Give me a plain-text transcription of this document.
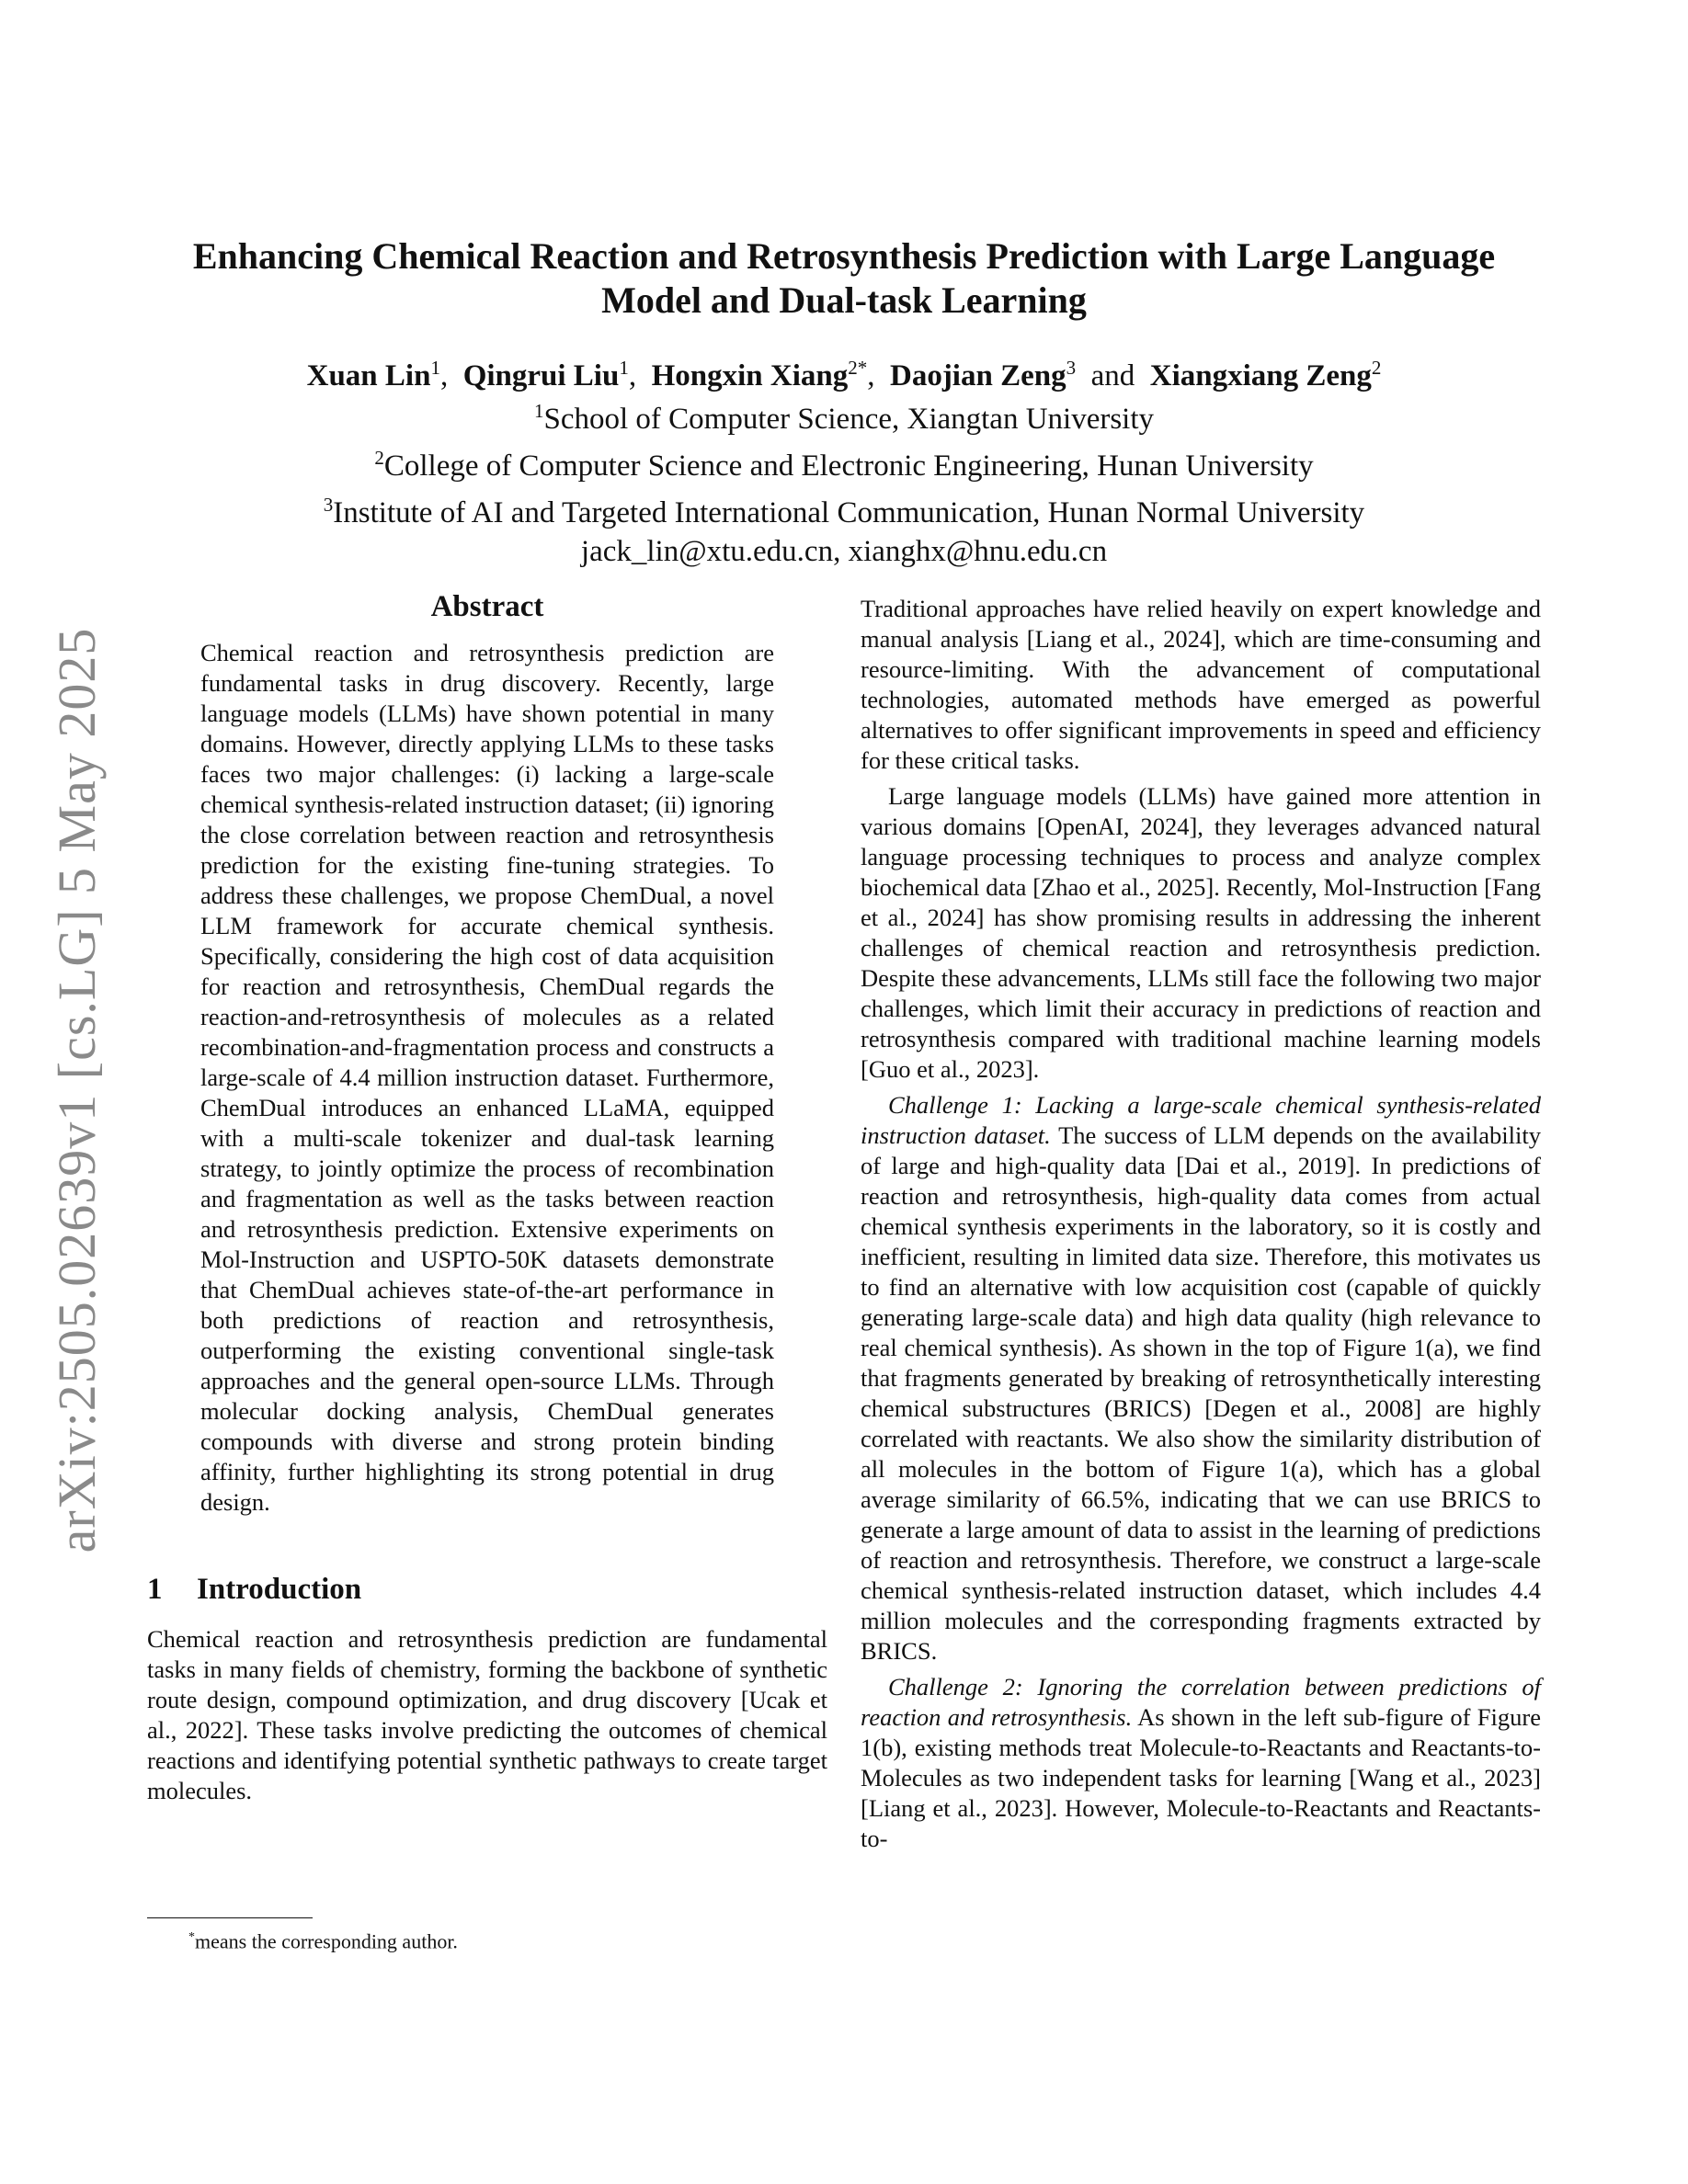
arXiv:2505.02639v1 [cs.LG] 5 May 2025
Enhancing Chemical Reaction and Retrosynthesis Prediction with Large Language Model and Dual-task Learning
Xuan Lin$^1$, Qingrui Liu$^1$, Hongxin Xiang$^{2*}$, Daojian Zeng$^3$ and Xiangxiang Zeng$^2$
$^1$School of Computer Science, Xiangtan University
$^2$College of Computer Science and Electronic Engineering, Hunan University
$^3$Institute of AI and Targeted International Communication, Hunan Normal University
jack_lin@xtu.edu.cn, xianghx@hnu.edu.cn
Abstract
Chemical reaction and retrosynthesis prediction are fundamental tasks in drug discovery. Recently, large language models (LLMs) have shown potential in many domains. However, directly applying LLMs to these tasks faces two major challenges: (i) lacking a large-scale chemical synthesis-related instruction dataset; (ii) ignoring the close correlation between reaction and retrosynthesis prediction for the existing fine-tuning strategies. To address these challenges, we propose ChemDual, a novel LLM framework for accurate chemical synthesis. Specifically, considering the high cost of data acquisition for reaction and retrosynthesis, ChemDual regards the reaction-and-retrosynthesis of molecules as a related recombination-and-fragmentation process and constructs a large-scale of 4.4 million instruction dataset. Furthermore, ChemDual introduces an enhanced LLaMA, equipped with a multi-scale tokenizer and dual-task learning strategy, to jointly optimize the process of recombination and fragmentation as well as the tasks between reaction and retrosynthesis prediction. Extensive experiments on Mol-Instruction and USPTO-50K datasets demonstrate that ChemDual achieves state-of-the-art performance in both predictions of reaction and retrosynthesis, outperforming the existing conventional single-task approaches and the general open-source LLMs. Through molecular docking analysis, ChemDual generates compounds with diverse and strong protein binding affinity, further highlighting its strong potential in drug design.
1 Introduction
Chemical reaction and retrosynthesis prediction are fundamental tasks in many fields of chemistry, forming the backbone of synthetic route design, compound optimization, and drug discovery [Ucak et al., 2022]. These tasks involve predicting the outcomes of chemical reactions and identifying potential synthetic pathways to create target molecules.
*means the corresponding author.

Traditional approaches have relied heavily on expert knowledge and manual analysis [Liang et al., 2024], which are time-consuming and resource-limiting. With the advancement of computational technologies, automated methods have emerged as powerful alternatives to offer significant improvements in speed and efficiency for these critical tasks.

Large language models (LLMs) have gained more attention in various domains [OpenAI, 2024], they leverages advanced natural language processing techniques to process and analyze complex biochemical data [Zhao et al., 2025]. Recently, Mol-Instruction [Fang et al., 2024] has show promising results in addressing the inherent challenges of chemical reaction and retrosynthesis prediction. Despite these advancements, LLMs still face the following two major challenges, which limit their accuracy in predictions of reaction and retrosynthesis compared with traditional machine learning models [Guo et al., 2023].

Challenge 1: Lacking a large-scale chemical synthesis-related instruction dataset. The success of LLM depends on the availability of large and high-quality data [Dai et al., 2019]. In predictions of reaction and retrosynthesis, high-quality data comes from actual chemical synthesis experiments in the laboratory, so it is costly and inefficient, resulting in limited data size. Therefore, this motivates us to find an alternative with low acquisition cost (capable of quickly generating large-scale data) and high data quality (high relevance to real chemical synthesis). As shown in the top of Figure 1(a), we find that fragments generated by breaking of retrosynthetically interesting chemical substructures (BRICS) [Degen et al., 2008] are highly correlated with reactants. We also show the similarity distribution of all molecules in the bottom of Figure 1(a), which has a global average similarity of 66.5%, indicating that we can use BRICS to generate a large amount of data to assist in the learning of predictions of reaction and retrosynthesis. Therefore, we construct a large-scale chemical synthesis-related instruction dataset, which includes 4.4 million molecules and the corresponding fragments extracted by BRICS.

Challenge 2: Ignoring the correlation between predictions of reaction and retrosynthesis. As shown in the left sub-figure of Figure 1(b), existing methods treat Molecule-to-Reactants and Reactants-to-Molecules as two independent tasks for learning [Wang et al., 2023] [Liang et al., 2023]. However, Molecule-to-Reactants and Reactants-to-
